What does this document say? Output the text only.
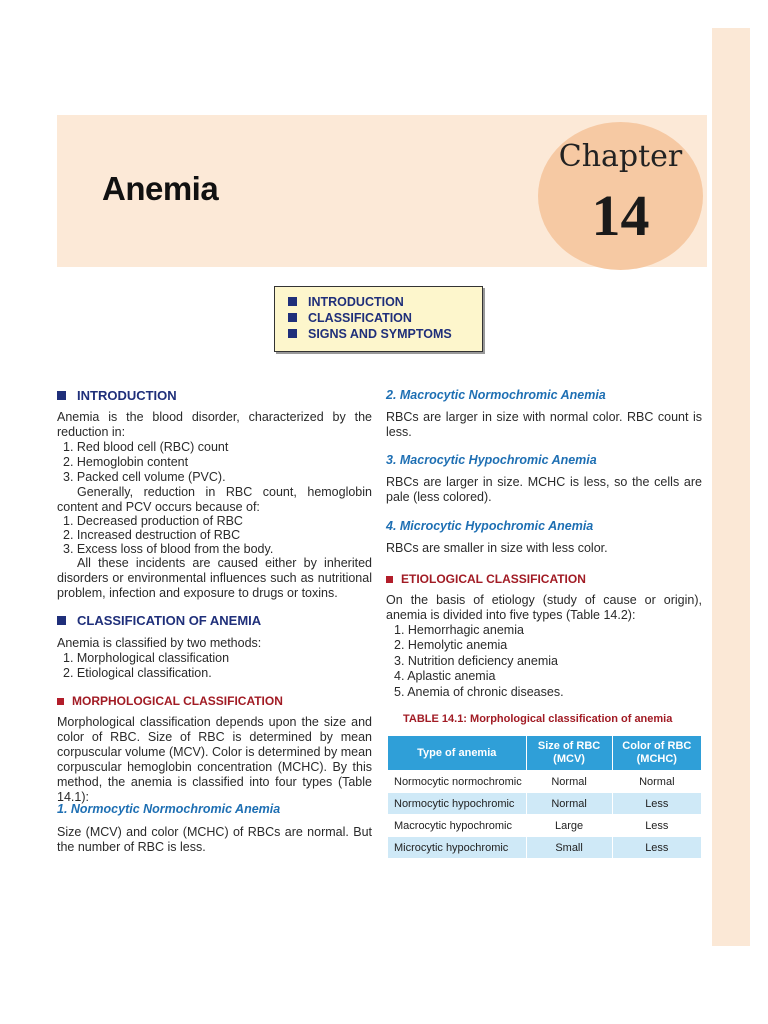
Anemia
Chapter
14
INTRODUCTION
CLASSIFICATION
SIGNS AND SYMPTOMS
INTRODUCTION
Anemia is the blood disorder, characterized by the reduction in:
1. Red blood cell (RBC) count
2. Hemoglobin content
3. Packed cell volume (PVC).
Generally, reduction in RBC count, hemoglobin content and PCV occurs because of:
1. Decreased production of RBC
2. Increased destruction of RBC
3. Excess loss of blood from the body.
All these incidents are caused either by inherited disorders or environmental influences such as nutritional problem, infection and exposure to drugs or toxins.
CLASSIFICATION OF ANEMIA
Anemia is classified by two methods:
1. Morphological classification
2. Etiological classification.
MORPHOLOGICAL CLASSIFICATION
Morphological classification depends upon the size and color of RBC. Size of RBC is determined by mean corpuscular volume (MCV). Color is determined by mean corpuscular hemoglobin concentration (MCHC). By this method, the anemia is classified into four types (Table 14.1):
1. Normocytic Normochromic Anemia
Size (MCV) and color (MCHC) of RBCs are normal. But the number of RBC is less.
2. Macrocytic Normochromic Anemia
RBCs are larger in size with normal color. RBC count is less.
3. Macrocytic Hypochromic Anemia
RBCs are larger in size. MCHC is less, so the cells are pale (less colored).
4. Microcytic Hypochromic Anemia
RBCs are smaller in size with less color.
ETIOLOGICAL CLASSIFICATION
On the basis of etiology (study of cause or origin), anemia is divided into five types (Table 14.2):
1. Hemorrhagic anemia
2. Hemolytic anemia
3. Nutrition deficiency anemia
4. Aplastic anemia
5. Anemia of chronic diseases.
TABLE 14.1: Morphological classification of anemia
Type of anemia	Size of RBC (MCV)	Color of RBC (MCHC)
Normocytic normochromic	Normal	Normal
Normocytic hypochromic	Normal	Less
Macrocytic hypochromic	Large	Less
Microcytic hypochromic	Small	Less
